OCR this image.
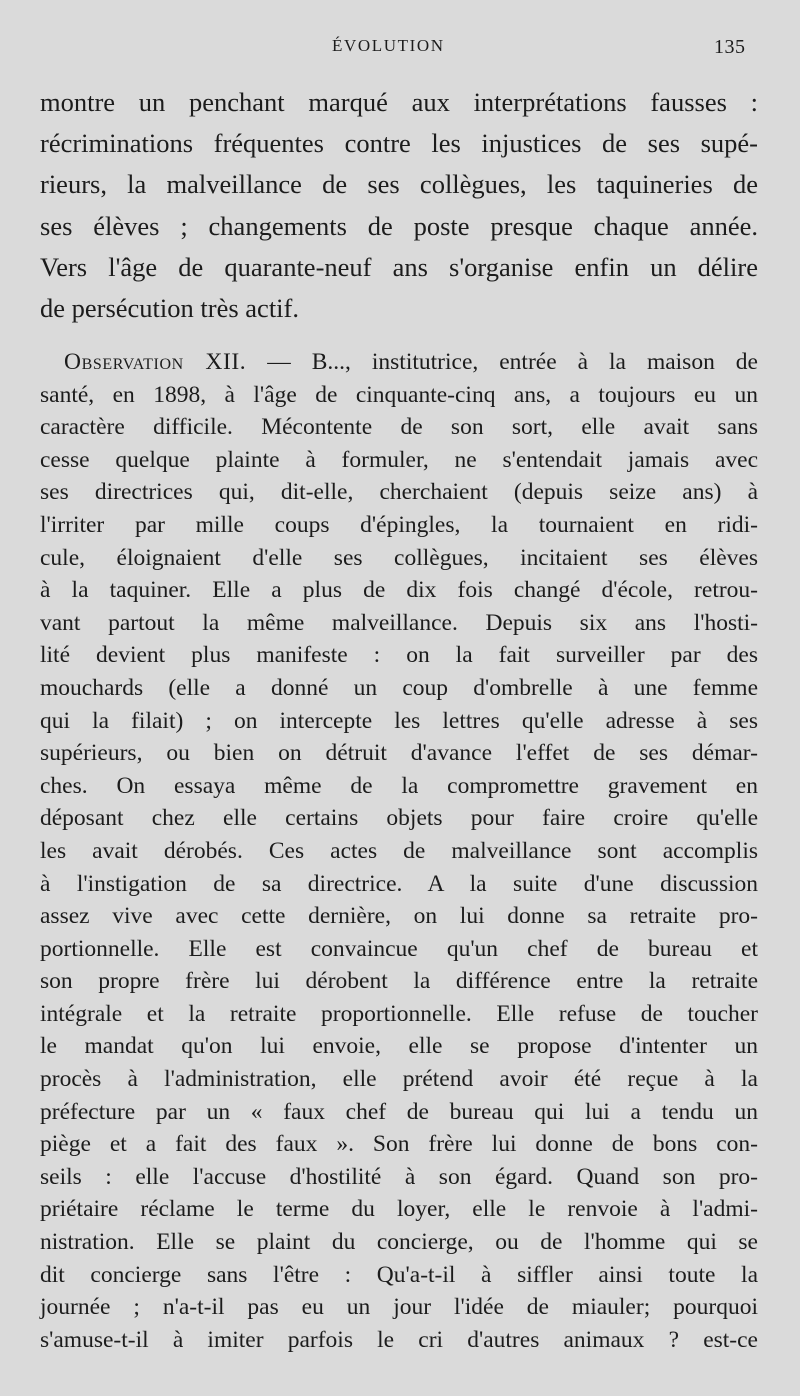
ÉVOLUTION	135
montre un penchant marqué aux interprétations fausses :
récriminations fréquentes contre les injustices de ses supé-
rieurs, la malveillance de ses collègues, les taquineries de
ses élèves ; changements de poste presque chaque année.
Vers l'âge de quarante-neuf ans s'organise enfin un délire
de persécution très actif.
Observation XII. — B..., institutrice, entrée à la maison de
santé, en 1898, à l'âge de cinquante-cinq ans, a toujours eu un
caractère difficile. Mécontente de son sort, elle avait sans
cesse quelque plainte à formuler, ne s'entendait jamais avec
ses directrices qui, dit-elle, cherchaient (depuis seize ans) à
l'irriter par mille coups d'épingles, la tournaient en ridi-
cule, éloignaient d'elle ses collègues, incitaient ses élèves
à la taquiner. Elle a plus de dix fois changé d'école, retrou-
vant partout la même malveillance. Depuis six ans l'hosti-
lité devient plus manifeste : on la fait surveiller par des
mouchards (elle a donné un coup d'ombrelle à une femme
qui la filait) ; on intercepte les lettres qu'elle adresse à ses
supérieurs, ou bien on détruit d'avance l'effet de ses démar-
ches. On essaya même de la compromettre gravement en
déposant chez elle certains objets pour faire croire qu'elle
les avait dérobés. Ces actes de malveillance sont accomplis
à l'instigation de sa directrice. A la suite d'une discussion
assez vive avec cette dernière, on lui donne sa retraite pro-
portionnelle. Elle est convaincue qu'un chef de bureau et
son propre frère lui dérobent la différence entre la retraite
intégrale et la retraite proportionnelle. Elle refuse de toucher
le mandat qu'on lui envoie, elle se propose d'intenter un
procès à l'administration, elle prétend avoir été reçue à la
préfecture par un « faux chef de bureau qui lui a tendu un
piège et a fait des faux ». Son frère lui donne de bons con-
seils : elle l'accuse d'hostilité à son égard. Quand son pro-
priétaire réclame le terme du loyer, elle le renvoie à l'admi-
nistration. Elle se plaint du concierge, ou de l'homme qui se
dit concierge sans l'être : Qu'a-t-il à siffler ainsi toute la
journée ; n'a-t-il pas eu un jour l'idée de miauler; pourquoi
s'amuse-t-il à imiter parfois le cri d'autres animaux ? est-ce
